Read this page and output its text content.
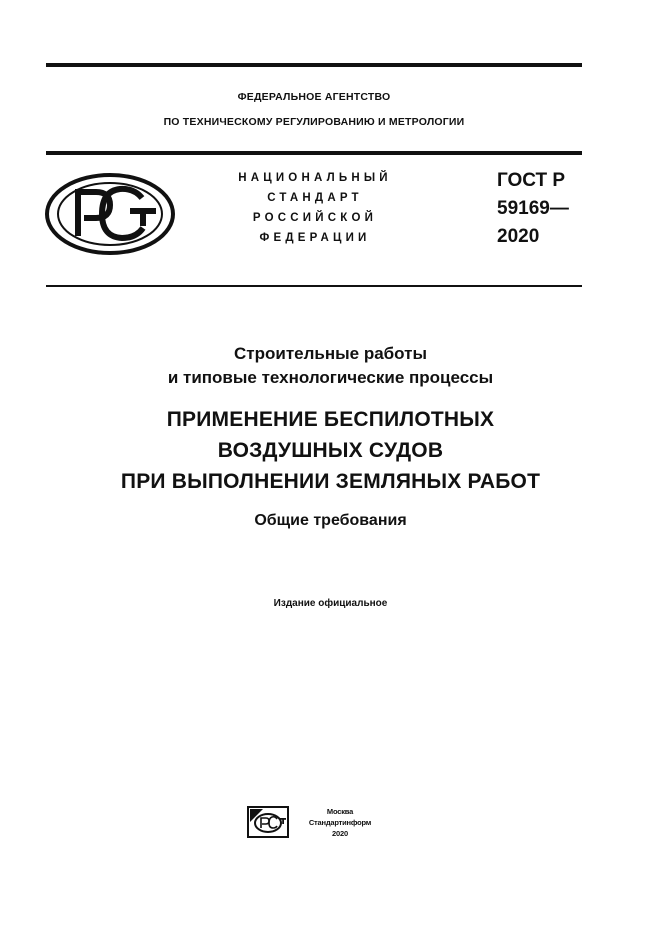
ФЕДЕРАЛЬНОЕ АГЕНТСТВО
ПО ТЕХНИЧЕСКОМУ РЕГУЛИРОВАНИЮ И МЕТРОЛОГИИ
НАЦИОНАЛЬНЫЙ
СТАНДАРТ
РОССИЙСКОЙ
ФЕДЕРАЦИИ
ГОСТ Р
59169—
2020
Строительные работы
и типовые технологические процессы
ПРИМЕНЕНИЕ БЕСПИЛОТНЫХ
ВОЗДУШНЫХ СУДОВ
ПРИ ВЫПОЛНЕНИИ ЗЕМЛЯНЫХ РАБОТ
Общие требования
Издание официальное
Москва
Стандартинформ
2020
